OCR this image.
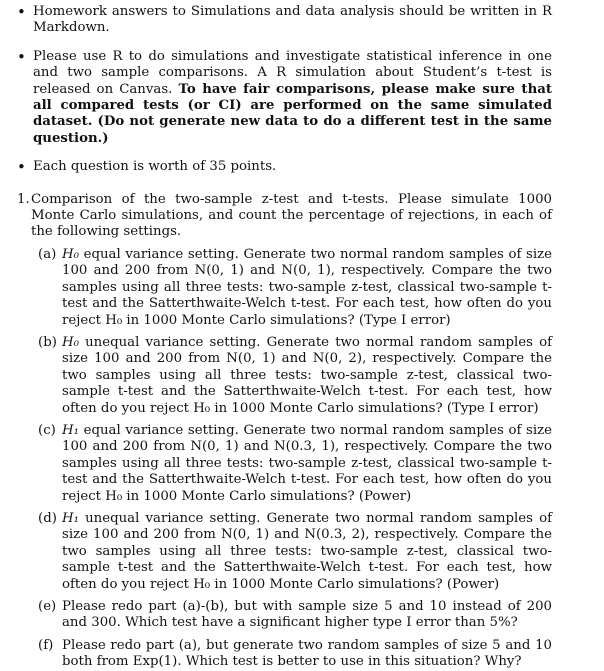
• Homework answers to Simulations and data analysis should be written in R Markdown.
• Please use R to do simulations and investigate statistical inference in one and two sample comparisons. A R simulation about Student’s t-test is released on Canvas. To have fair comparisons, please make sure that all compared tests (or CI) are performed on the same simulated dataset. (Do not generate new data to do a different test in the same question.)
• Each question is worth of 35 points.
1. Comparison of the two-sample z-test and t-tests. Please simulate 1000 Monte Carlo simulations, and count the percentage of rejections, in each of the following settings.
(a) H₀ equal variance setting. Generate two normal random samples of size 100 and 200 from N(0, 1) and N(0, 1), respectively. Compare the two samples using all three tests: two-sample z-test, classical two-sample t-test and the Satterthwaite-Welch t-test. For each test, how often do you reject H₀ in 1000 Monte Carlo simulations? (Type I error)
(b) H₀ unequal variance setting. Generate two normal random samples of size 100 and 200 from N(0, 1) and N(0, 2), respectively. Compare the two samples using all three tests: two-sample z-test, classical two-sample t-test and the Satterthwaite-Welch t-test. For each test, how often do you reject H₀ in 1000 Monte Carlo simulations? (Type I error)
(c) H₁ equal variance setting. Generate two normal random samples of size 100 and 200 from N(0, 1) and N(0.3, 1), respectively. Compare the two samples using all three tests: two-sample z-test, classical two-sample t-test and the Satterthwaite-Welch t-test. For each test, how often do you reject H₀ in 1000 Monte Carlo simulations? (Power)
(d) H₁ unequal variance setting. Generate two normal random samples of size 100 and 200 from N(0, 1) and N(0.3, 2), respectively. Compare the two samples using all three tests: two-sample z-test, classical two-sample t-test and the Satterthwaite-Welch t-test. For each test, how often do you reject H₀ in 1000 Monte Carlo simulations? (Power)
(e) Please redo part (a)-(b), but with sample size 5 and 10 instead of 200 and 300. Which test have a significant higher type I error than 5%?
(f) Please redo part (a), but generate two random samples of size 5 and 10 both from Exp(1). Which test is better to use in this situation? Why?
